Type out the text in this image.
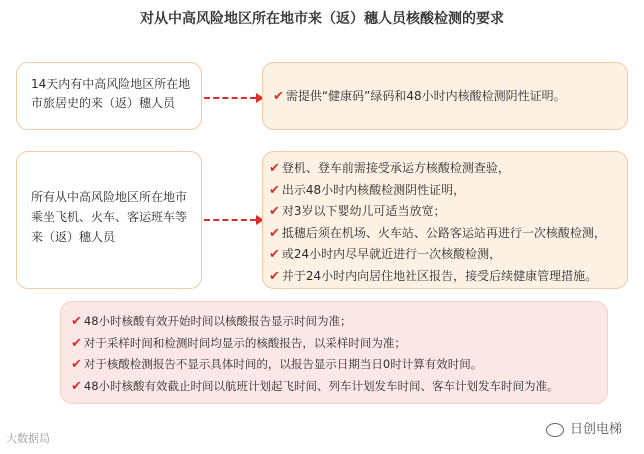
对从中高风险地区所在地市来（返）穗人员核酸检测的要求
14天内有中高风险地区所在地
市旅居史的来（返）穗人员	✔ 需提供“健康码”绿码和48小时内核酸检测阴性证明。
所有从中高风险地区所在地市
乘坐飞机、火车、客运班车等
来（返）穗人员
✔ 登机、登车前需接受承运方核酸检测查验，
✔ 出示48小时内核酸检测阴性证明，
✔ 对3岁以下婴幼儿可适当放宽；
✔ 抵穗后须在机场、火车站、公路客运站再进行一次核酸检测，
✔ 或24小时内尽早就近进行一次核酸检测，
✔ 并于24小时内向居住地社区报告，接受后续健康管理措施。
✔ 48小时核酸有效开始时间以核酸报告显示时间为准；
✔ 对于采样时间和检测时间均显示的核酸报告，以采样时间为准；
✔ 对于核酸检测报告不显示具体时间的，以报告显示日期当日0时计算有效时间。
✔ 48小时核酸有效截止时间以航班计划起飞时间、列车计划发车时间、客车计划发车时间为准。
大数据局
日创电梯
